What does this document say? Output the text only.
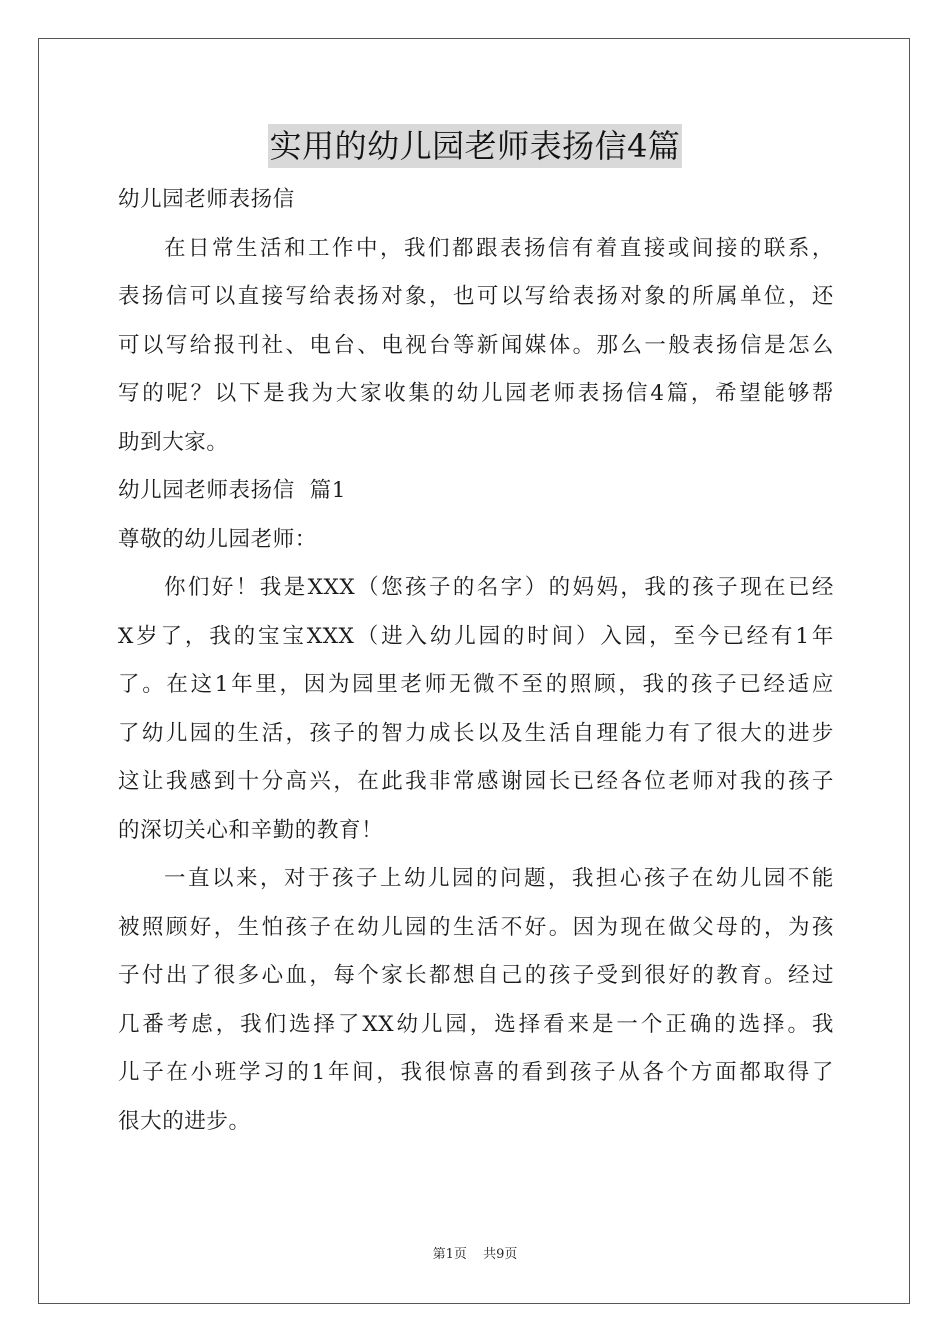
实用的幼儿园老师表扬信4篇
幼儿园老师表扬信
在日常生活和工作中，我们都跟表扬信有着直接或间接的联系，
表扬信可以直接写给表扬对象，也可以写给表扬对象的所属单位，还
可以写给报刊社、电台、电视台等新闻媒体。那么一般表扬信是怎么
写的呢？以下是我为大家收集的幼儿园老师表扬信4篇，希望能够帮
助到大家。
幼儿园老师表扬信  篇1
尊敬的幼儿园老师：
你们好！我是XXX（您孩子的名字）的妈妈，我的孩子现在已经
X岁了，我的宝宝XXX（进入幼儿园的时间）入园，至今已经有1年
了。在这1年里，因为园里老师无微不至的照顾，我的孩子已经适应
了幼儿园的生活，孩子的智力成长以及生活自理能力有了很大的进步
这让我感到十分高兴，在此我非常感谢园长已经各位老师对我的孩子
的深切关心和辛勤的教育！
一直以来，对于孩子上幼儿园的问题，我担心孩子在幼儿园不能
被照顾好，生怕孩子在幼儿园的生活不好。因为现在做父母的，为孩
子付出了很多心血，每个家长都想自己的孩子受到很好的教育。经过
几番考虑，我们选择了XX幼儿园，选择看来是一个正确的选择。我
儿子在小班学习的1年间，我很惊喜的看到孩子从各个方面都取得了
很大的进步。
第1页 共9页
